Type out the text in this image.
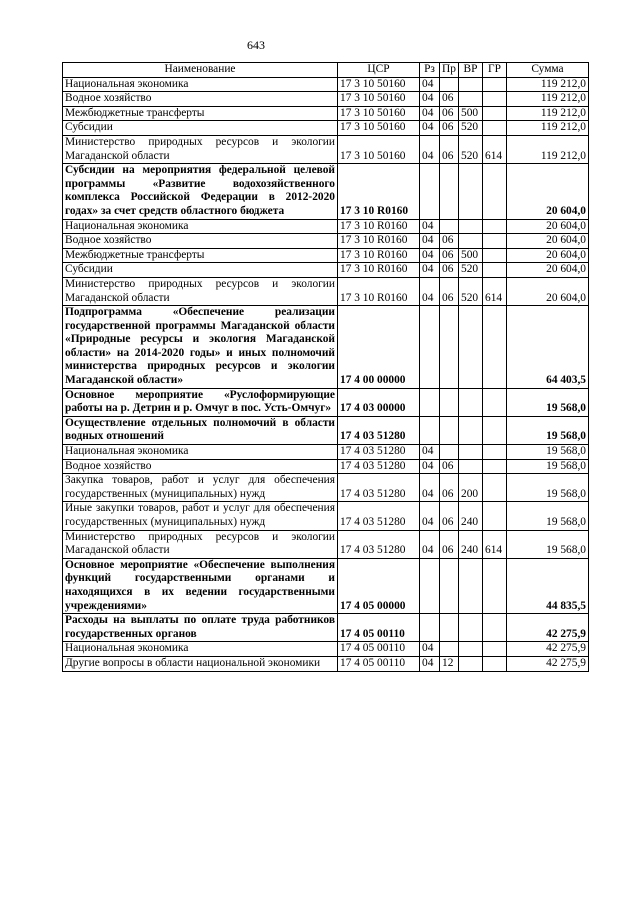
643
Наименование	ЦСР	Рз	Пр	ВР	ГР	Сумма
Национальная экономика	17 3 10 50160	04				119 212,0
Водное хозяйство	17 3 10 50160	04	06			119 212,0
Межбюджетные трансферты	17 3 10 50160	04	06	500		119 212,0
Субсидии	17 3 10 50160	04	06	520		119 212,0
Министерство природных ресурсов и экологии Магаданской области	17 3 10 50160	04	06	520	614	119 212,0
Субсидии на мероприятия федеральной целевой программы «Развитие водохозяйственного комплекса Российской Федерации в 2012-2020 годах» за счет средств областного бюджета	17 3 10 R0160					20 604,0
Национальная экономика	17 3 10 R0160	04				20 604,0
Водное хозяйство	17 3 10 R0160	04	06			20 604,0
Межбюджетные трансферты	17 3 10 R0160	04	06	500		20 604,0
Субсидии	17 3 10 R0160	04	06	520		20 604,0
Министерство природных ресурсов и экологии Магаданской области	17 3 10 R0160	04	06	520	614	20 604,0
Подпрограмма «Обеспечение реализации государственной программы Магаданской области «Природные ресурсы и экология Магаданской области» на 2014-2020 годы» и иных полномочий министерства природных ресурсов и экологии Магаданской области»	17 4 00 00000					64 403,5
Основное мероприятие «Руслоформирующие работы на р. Детрин и р. Омчуг в пос. Усть-Омчуг»	17 4 03 00000					19 568,0
Осуществление отдельных полномочий в области водных отношений	17 4 03 51280					19 568,0
Национальная экономика	17 4 03 51280	04				19 568,0
Водное хозяйство	17 4 03 51280	04	06			19 568,0
Закупка товаров, работ и услуг для обеспечения государственных (муниципальных) нужд	17 4 03 51280	04	06	200		19 568,0
Иные закупки товаров, работ и услуг для обеспечения государственных (муниципальных) нужд	17 4 03 51280	04	06	240		19 568,0
Министерство природных ресурсов и экологии Магаданской области	17 4 03 51280	04	06	240	614	19 568,0
Основное мероприятие «Обеспечение выполнения функций государственными органами и находящихся в их ведении государственными учреждениями»	17 4 05 00000					44 835,5
Расходы на выплаты по оплате труда работников государственных органов	17 4 05 00110					42 275,9
Национальная экономика	17 4 05 00110	04				42 275,9
Другие вопросы в области национальной экономики	17 4 05 00110	04	12			42 275,9
